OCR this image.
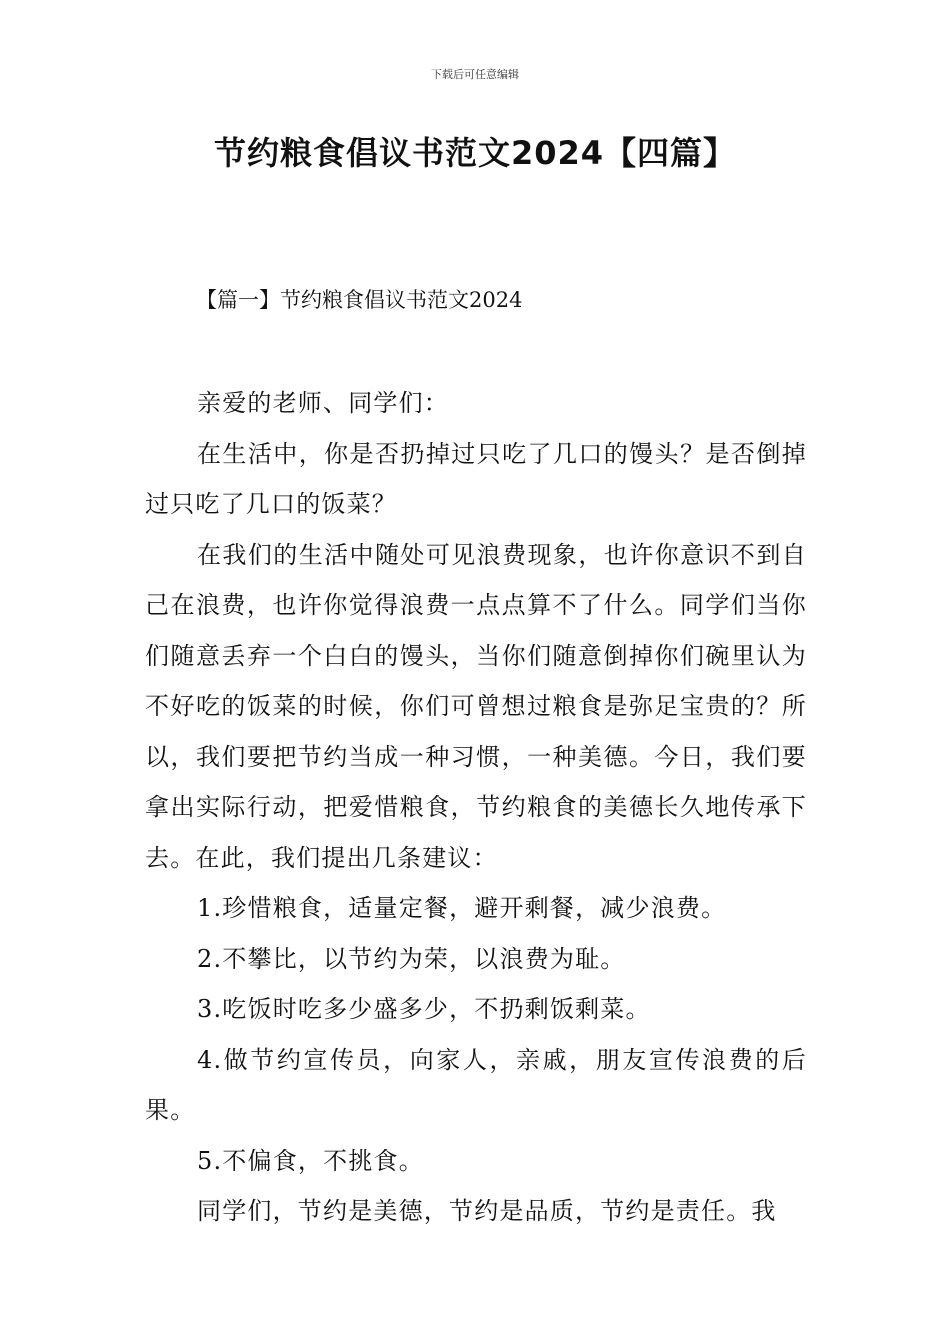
下载后可任意编辑
节约粮食倡议书范文2024【四篇】
【篇一】节约粮食倡议书范文2024

亲爱的老师、同学们：

在生活中，你是否扔掉过只吃了几口的馒头？是否倒掉过只吃了几口的饭菜？

在我们的生活中随处可见浪费现象，也许你意识不到自己在浪费，也许你觉得浪费一点点算不了什么。同学们当你们随意丢弃一个白白的馒头，当你们随意倒掉你们碗里认为不好吃的饭菜的时候，你们可曾想过粮食是弥足宝贵的？所以，我们要把节约当成一种习惯，一种美德。今日，我们要拿出实际行动，把爱惜粮食，节约粮食的美德长久地传承下去。在此，我们提出几条建议：

1.珍惜粮食，适量定餐，避开剩餐，减少浪费。

2.不攀比，以节约为荣，以浪费为耻。

3.吃饭时吃多少盛多少，不扔剩饭剩菜。

4.做节约宣传员，向家人，亲戚，朋友宣传浪费的后果。

5.不偏食，不挑食。

同学们，节约是美德，节约是品质，节约是责任。我
